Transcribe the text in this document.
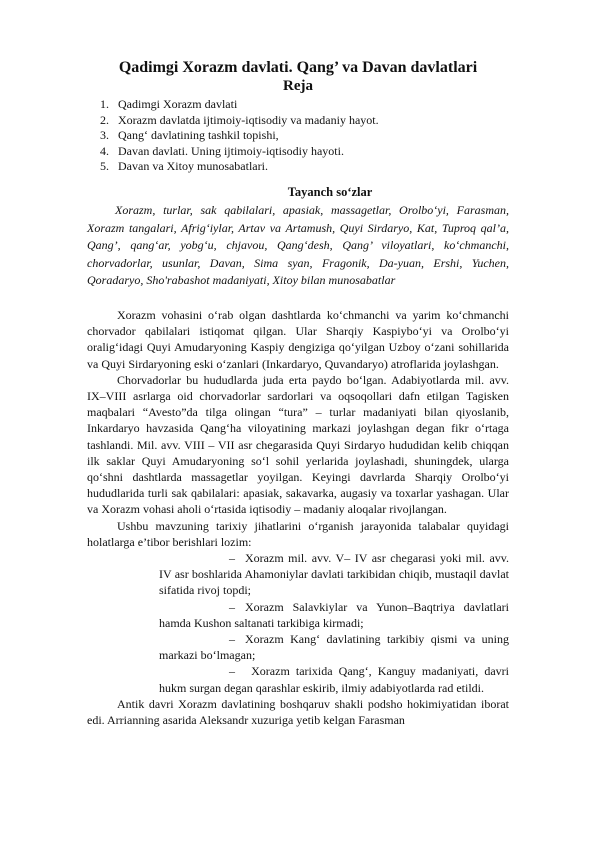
Qadimgi Xorazm davlati. Qang’ va Davan davlatlari
Reja
1. Qadimgi Xorazm davlati
2. Xorazm davlatda ijtimoiy-iqtisodiy va madaniy hayot.
3. Qang‘ davlatining tashkil topishi,
4. Davan davlati. Uning ijtimoiy-iqtisodiy hayoti.
5. Davan va Xitoy munosabatlari.
Tayanch so‘zlar

Xorazm, turlar, sak qabilalari, apasiak, massagetlar, Orolbo‘yi, Farasman, Xorazm tangalari, Afrig‘iylar, Artav va Artamush, Quyi Sirdaryo, Kat, Tuproq qal’a, Qang’, qang‘ar, yobg‘u, chjavou, Qang‘desh, Qang’ viloyatlari, ko‘chmanchi, chorvadorlar, usunlar, Davan, Sima syan, Fragonik, Da-yuan, Ershi, Yuchen, Qoradaryo, Sho'rabashot madaniyati, Xitoy bilan munosabatlar

Xorazm vohasini o‘rab olgan dashtlarda ko‘chmanchi va yarim ko‘chmanchi chorvador qabilalari istiqomat qilgan. Ular Sharqiy Kaspiybo‘yi va Orolbo‘yi oralig‘idagi Quyi Amudaryoning Kaspiy dengiziga qo‘yilgan Uzboy o‘zani sohillarida va Quyi Sirdaryoning eski o‘zanlari (Inkardaryo, Quvandaryo) atroflarida joylashgan.

Chorvadorlar bu hududlarda juda erta paydo bo‘lgan. Adabiyotlarda mil. avv. IX–VIII asrlarga oid chorvadorlar sardorlari va oqsoqollari dafn etilgan Tagisken maqbalari “Avesto”da tilga olingan “tura” – turlar madaniyati bilan qiyoslanib, Inkardaryo havzasida Qang‘ha viloyatining markazi joylashgan degan fikr o‘rtaga tashlandi. Mil. avv. VIII – VII asr chegarasida Quyi Sirdaryo hududidan kelib chiqqan ilk saklar Quyi Amudaryoning so‘l sohil yerlarida joylashadi, shuningdek, ularga qo‘shni dashtlarda massagetlar yoyilgan. Keyingi davrlarda Sharqiy Orolbo‘yi hududlarida turli sak qabilalari: apasiak, sakavarka, augasiy va toxarlar yashagan. Ular va Xorazm vohasi aholi o‘rtasida iqtisodiy – madaniy aloqalar rivojlangan.

Ushbu mavzuning tarixiy jihatlarini o‘rganish jarayonida talabalar quyidagi holatlarga e’tibor berishlari lozim:

– Xorazm mil. avv. V– IV asr chegarasi yoki mil. avv. IV asr boshlarida Ahamoniylar davlati tarkibidan chiqib, mustaqil davlat sifatida rivoj topdi;

– Xorazm Salavkiylar va Yunon–Baqtriya davlatlari hamda Kushon saltanati tarkibiga kirmadi;

– Xorazm Kang‘ davlatining tarkibiy qismi va uning markazi bo‘lmagan;

– Xorazm tarixida Qang‘, Kanguy madaniyati, davri hukm surgan degan qarashlar eskirib, ilmiy adabiyotlarda rad etildi.

Antik davri Xorazm davlatining boshqaruv shakli podsho hokimiyatidan iborat edi. Arrianning asarida Aleksandr xuzuriga yetib kelgan Farasman
